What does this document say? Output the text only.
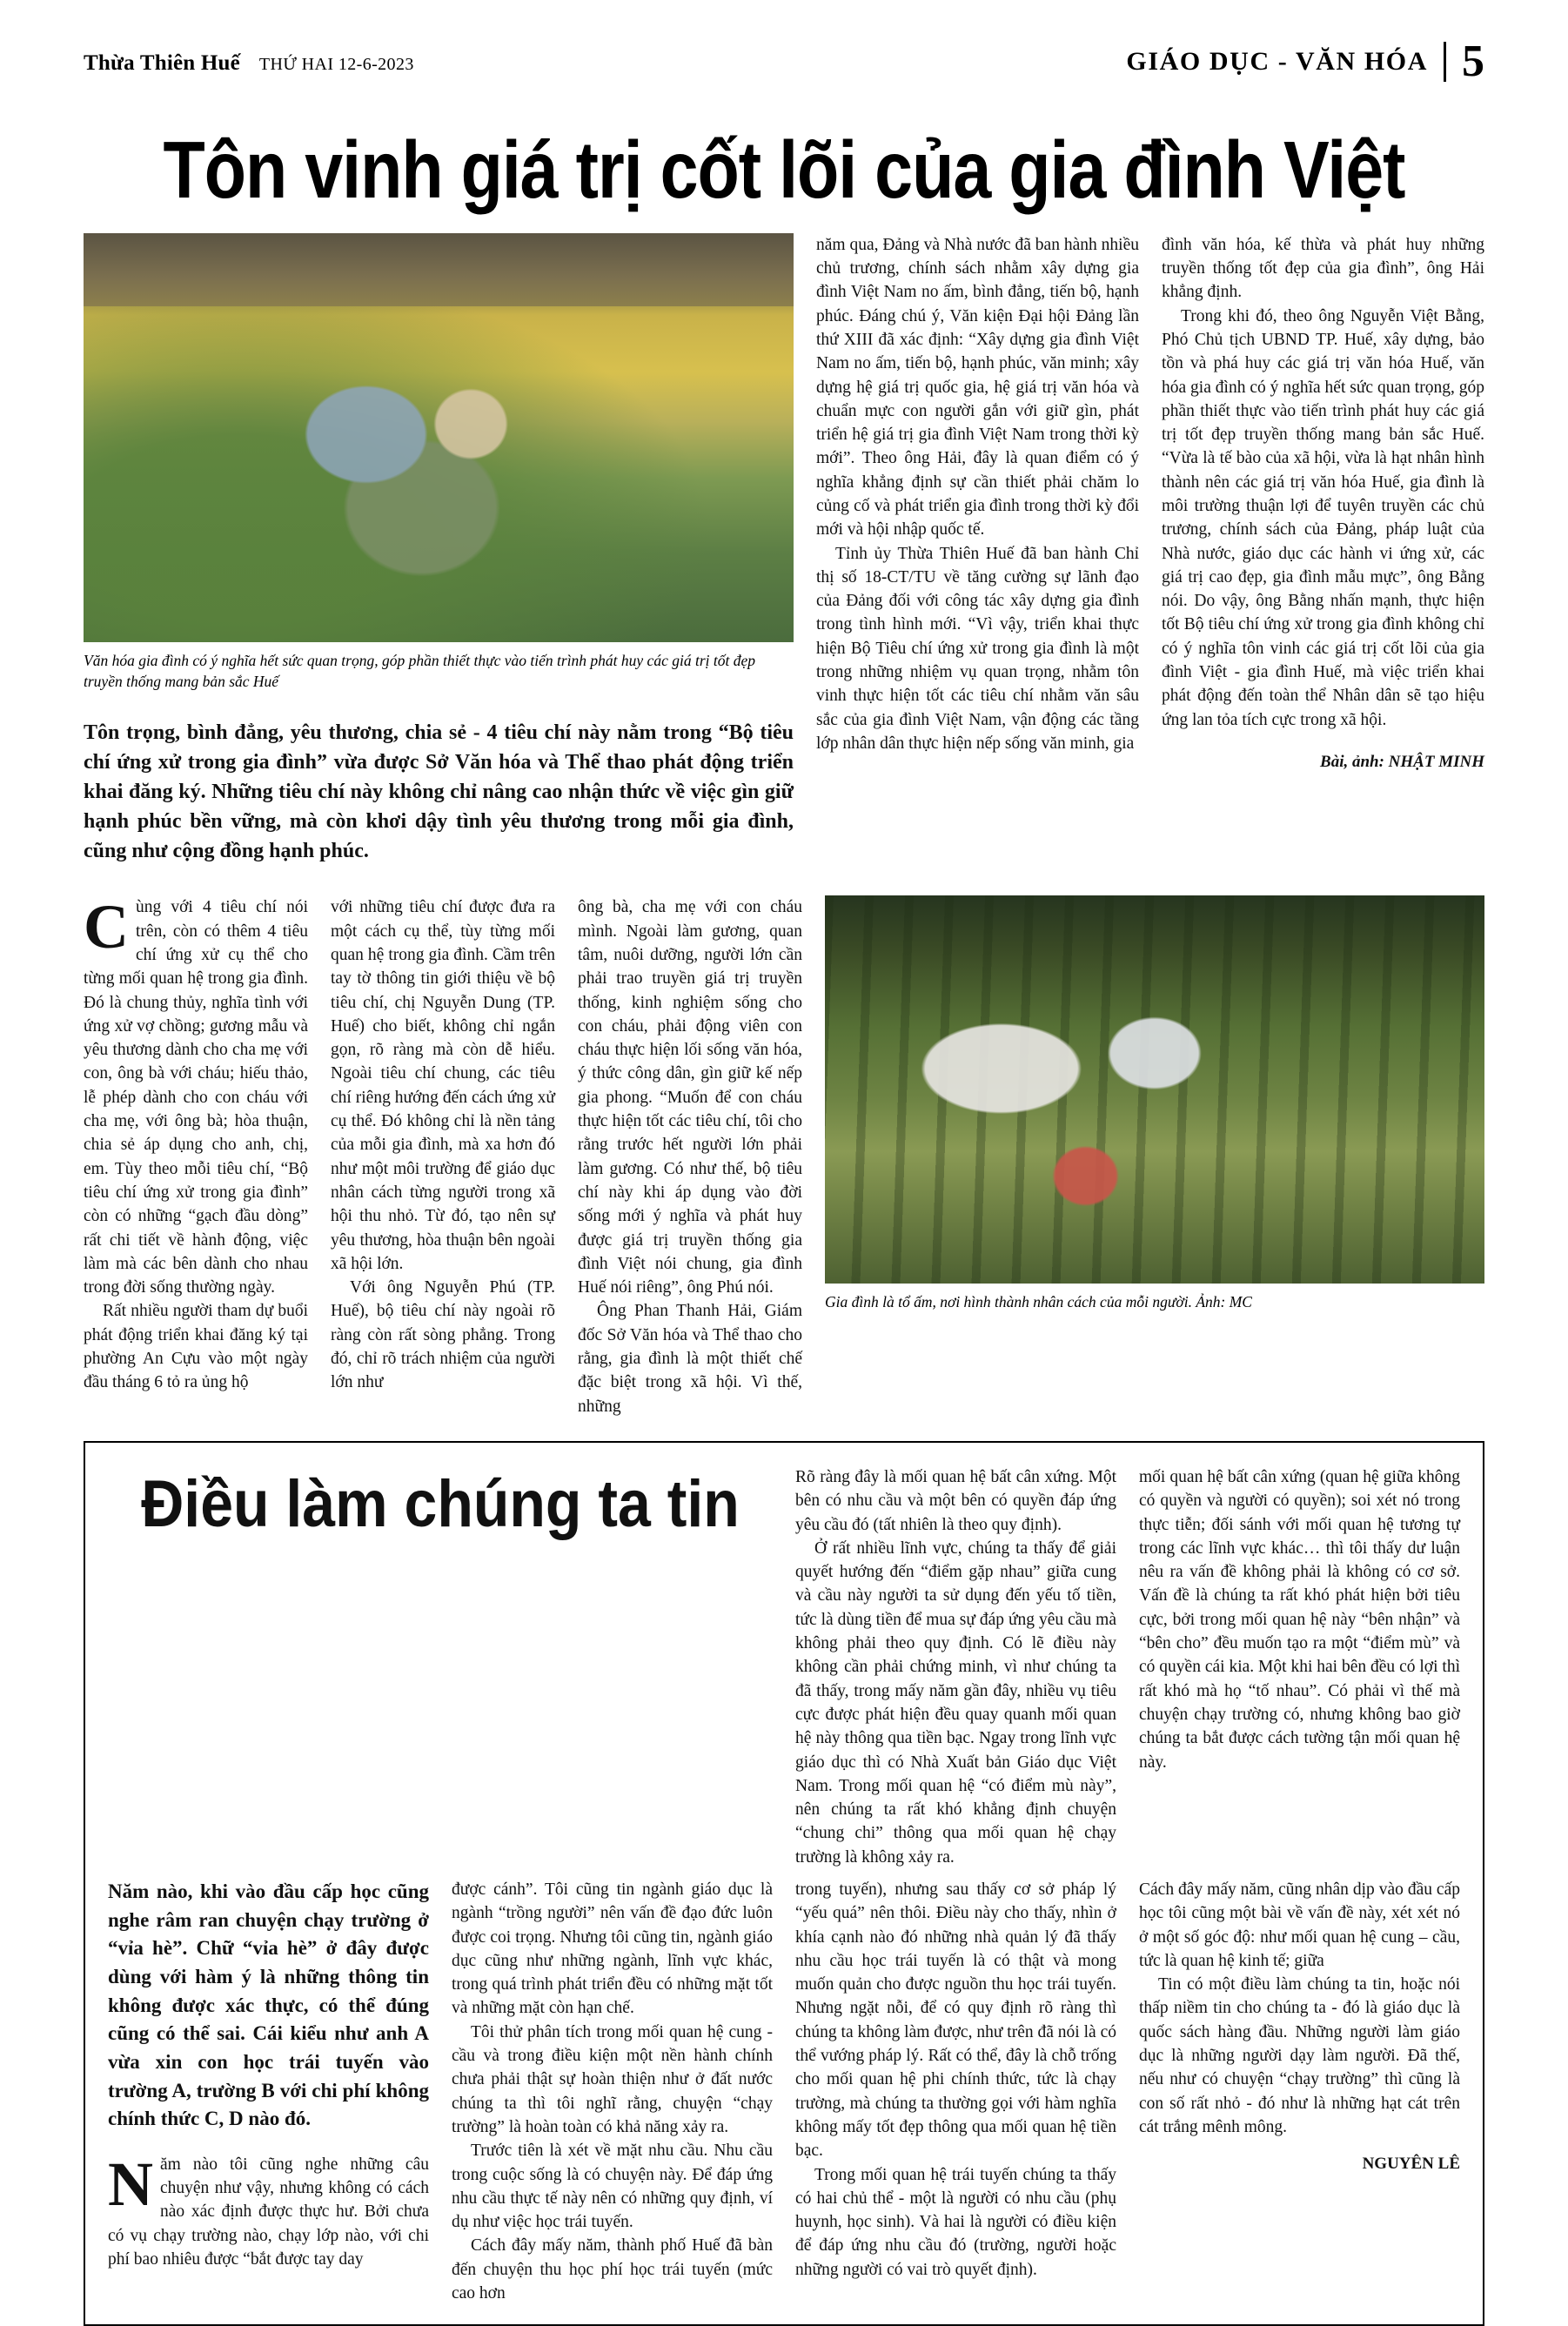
Thừa Thiên Huế THỨ HAI 12-6-2023	GIÁO DỤC - VĂN HÓA 5
Tôn vinh giá trị cốt lõi của gia đình Việt
Văn hóa gia đình có ý nghĩa hết sức quan trọng, góp phần thiết thực vào tiến trình phát huy các giá trị tốt đẹp truyền thống mang bản sắc Huế
Tôn trọng, bình đẳng, yêu thương, chia sẻ - 4 tiêu chí này nằm trong “Bộ tiêu chí ứng xử trong gia đình” vừa được Sở Văn hóa và Thể thao phát động triển khai đăng ký. Những tiêu chí này không chỉ nâng cao nhận thức về việc gìn giữ hạnh phúc bền vững, mà còn khơi dậy tình yêu thương trong mỗi gia đình, cũng như cộng đồng hạnh phúc.

năm qua, Đảng và Nhà nước đã ban hành nhiều chủ trương, chính sách nhằm xây dựng gia đình Việt Nam no ấm, bình đẳng, tiến bộ, hạnh phúc. Đáng chú ý, Văn kiện Đại hội Đảng lần thứ XIII đã xác định: “Xây dựng gia đình Việt Nam no ấm, tiến bộ, hạnh phúc, văn minh; xây dựng hệ giá trị quốc gia, hệ giá trị văn hóa và chuẩn mực con người gắn với giữ gìn, phát triển hệ giá trị gia đình Việt Nam trong thời kỳ mới”. Theo ông Hải, đây là quan điểm có ý nghĩa khẳng định sự cần thiết phải chăm lo củng cố và phát triển gia đình trong thời kỳ đổi mới và hội nhập quốc tế.

Tỉnh ủy Thừa Thiên Huế đã ban hành Chỉ thị số 18-CT/TU về tăng cường sự lãnh đạo của Đảng đối với công tác xây dựng gia đình trong tình hình mới. “Vì vậy, triển khai thực hiện Bộ Tiêu chí ứng xử trong gia đình là một trong những nhiệm vụ quan trọng, nhằm tôn vinh thực hiện tốt các tiêu chí nhằm văn sâu sắc của gia đình Việt Nam, vận động các tầng lớp nhân dân thực hiện nếp sống văn minh, gia

đình văn hóa, kế thừa và phát huy những truyền thống tốt đẹp của gia đình”, ông Hải khẳng định.

Trong khi đó, theo ông Nguyễn Việt Bằng, Phó Chủ tịch UBND TP. Huế, xây dựng, bảo tồn và phá huy các giá trị văn hóa Huế, văn hóa gia đình có ý nghĩa hết sức quan trọng, góp phần thiết thực vào tiến trình phát huy các giá trị tốt đẹp truyền thống mang bản sắc Huế. “Vừa là tế bào của xã hội, vừa là hạt nhân hình thành nên các giá trị văn hóa Huế, gia đình là môi trường thuận lợi để tuyên truyền các chủ trương, chính sách của Đảng, pháp luật của Nhà nước, giáo dục các hành vi ứng xử, các giá trị cao đẹp, gia đình mẫu mực”, ông Bằng nói. Do vậy, ông Bằng nhấn mạnh, thực hiện tốt Bộ tiêu chí ứng xử trong gia đình không chỉ có ý nghĩa tôn vinh các giá trị cốt lõi của gia đình Việt - gia đình Huế, mà việc triển khai phát động đến toàn thể Nhân dân sẽ tạo hiệu ứng lan tỏa tích cực trong xã hội.

Bài, ảnh: NHẬT MINH

Cùng với 4 tiêu chí nói trên, còn có thêm 4 tiêu chí ứng xử cụ thể cho từng mối quan hệ trong gia đình. Đó là chung thủy, nghĩa tình với ứng xử vợ chồng; gương mẫu và yêu thương dành cho cha mẹ với con, ông bà với cháu; hiếu thảo, lễ phép dành cho con cháu với cha mẹ, với ông bà; hòa thuận, chia sẻ áp dụng cho anh, chị, em. Tùy theo mỗi tiêu chí, “Bộ tiêu chí ứng xử trong gia đình” còn có những “gạch đầu dòng” rất chi tiết về hành động, việc làm mà các bên dành cho nhau trong đời sống thường ngày.

Rất nhiều người tham dự buổi phát động triển khai đăng ký tại phường An Cựu vào một ngày đầu tháng 6 tỏ ra ủng hộ

với những tiêu chí được đưa ra một cách cụ thể, tùy từng mối quan hệ trong gia đình. Cầm trên tay tờ thông tin giới thiệu về bộ tiêu chí, chị Nguyễn Dung (TP. Huế) cho biết, không chỉ ngắn gọn, rõ ràng mà còn dễ hiểu. Ngoài tiêu chí chung, các tiêu chí riêng hướng đến cách ứng xử cụ thể. Đó không chỉ là nền tảng của mỗi gia đình, mà xa hơn đó như một môi trường để giáo dục nhân cách từng người trong xã hội thu nhỏ. Từ đó, tạo nên sự yêu thương, hòa thuận bên ngoài xã hội lớn.

Với ông Nguyễn Phú (TP. Huế), bộ tiêu chí này ngoài rõ ràng còn rất sòng phẳng. Trong đó, chỉ rõ trách nhiệm của người lớn như

ông bà, cha mẹ với con cháu mình. Ngoài làm gương, quan tâm, nuôi dưỡng, người lớn cần phải trao truyền giá trị truyền thống, kinh nghiệm sống cho con cháu, phải động viên con cháu thực hiện lối sống văn hóa, ý thức công dân, gìn giữ kế nếp gia phong. “Muốn để con cháu thực hiện tốt các tiêu chí, tôi cho rằng trước hết người lớn phải làm gương. Có như thế, bộ tiêu chí này khi áp dụng vào đời sống mới ý nghĩa và phát huy được giá trị truyền thống gia đình Việt nói chung, gia đình Huế nói riêng”, ông Phú nói.

Ông Phan Thanh Hải, Giám đốc Sở Văn hóa và Thể thao cho rằng, gia đình là một thiết chế đặc biệt trong xã hội. Vì thế, những

Gia đình là tổ ấm, nơi hình thành nhân cách của mỗi người. Ảnh: MC
Điều làm chúng ta tin	Rõ ràng đây là mối quan hệ bất cân xứng. Một bên có nhu cầu và một bên có quyền đáp ứng yêu cầu đó (tất nhiên là theo quy định).

Ở rất nhiều lĩnh vực, chúng ta thấy để giải quyết hướng đến “điểm gặp nhau” giữa cung và cầu này người ta sử dụng đến yếu tố tiền, tức là dùng tiền để mua sự đáp ứng yêu cầu mà không phải theo quy định. Có lẽ điều này không cần phải chứng minh, vì như chúng ta đã thấy, trong mấy năm gần đây, nhiều vụ tiêu cực được phát hiện đều quay quanh mối quan hệ này thông qua tiền bạc. Ngay trong lĩnh vực giáo dục thì có Nhà Xuất bản Giáo dục Việt Nam. Trong mối quan hệ “có điểm mù này”, nên chúng ta rất khó khẳng định chuyện “chung chi” thông qua mối quan hệ chạy trường là không xảy ra.

mối quan hệ bất cân xứng (quan hệ giữa không có quyền và người có quyền); soi xét nó trong thực tiễn; đối sánh với mối quan hệ tương tự trong các lĩnh vực khác… thì tôi thấy dư luận nêu ra vấn đề không phải là không có cơ sở. Vấn đề là chúng ta rất khó phát hiện bởi tiêu cực, bởi trong mối quan hệ này “bên nhận” và “bên cho” đều muốn tạo ra một “điểm mù” và có quyền cái kia. Một khi hai bên đều có lợi thì rất khó mà họ “tố nhau”. Có phải vì thế mà chuyện chạy trường có, nhưng không bao giờ chúng ta bắt được cách tường tận mối quan hệ này.

Năm nào, khi vào đầu cấp học cũng nghe râm ran chuyện chạy trường ở “vỉa hè”. Chữ “vỉa hè” ở đây được dùng với hàm ý là những thông tin không được xác thực, có thể đúng cũng có thể sai. Cái kiểu như anh A vừa xin con học trái tuyến vào trường A, trường B với chi phí không chính thức C, D nào đó.

Năm nào tôi cũng nghe những câu chuyện như vậy, nhưng không có cách nào xác định được thực hư. Bởi chưa có vụ chạy trường nào, chạy lớp nào, với chi phí bao nhiêu được “bắt được tay day

được cánh”. Tôi cũng tin ngành giáo dục là ngành “trồng người” nên vấn đề đạo đức luôn được coi trọng. Nhưng tôi cũng tin, ngành giáo dục cũng như những ngành, lĩnh vực khác, trong quá trình phát triển đều có những mặt tốt và những mặt còn hạn chế.

Tôi thử phân tích trong mối quan hệ cung - cầu và trong điều kiện một nền hành chính chưa phải thật sự hoàn thiện như ở đất nước chúng ta thì tôi nghĩ rằng, chuyện “chạy trường” là hoàn toàn có khả năng xảy ra.

Trước tiên là xét về mặt nhu cầu. Nhu cầu trong cuộc sống là có chuyện này. Để đáp ứng nhu cầu thực tế này nên có những quy định, ví dụ như việc học trái tuyến.

Cách đây mấy năm, thành phố Huế đã bàn đến chuyện thu học phí học trái tuyến (mức cao hơn

trong tuyến), nhưng sau thấy cơ sở pháp lý “yếu quá” nên thôi. Điều này cho thấy, nhìn ở khía cạnh nào đó những nhà quản lý đã thấy nhu cầu học trái tuyến là có thật và mong muốn quản cho được nguồn thu học trái tuyến. Nhưng ngặt nỗi, để có quy định rõ ràng thì chúng ta không làm được, như trên đã nói là có thể vướng pháp lý. Rất có thể, đây là chỗ trống cho mối quan hệ phi chính thức, tức là chạy trường, mà chúng ta thường gọi với hàm nghĩa không mấy tốt đẹp thông qua mối quan hệ tiền bạc.

Trong mối quan hệ trái tuyến chúng ta thấy có hai chủ thể - một là người có nhu cầu (phụ huynh, học sinh). Và hai là người có điều kiện để đáp ứng nhu cầu đó (trường, người hoặc những người có vai trò quyết định).

Cách đây mấy năm, cũng nhân dịp vào đầu cấp học tôi cũng một bài về vấn đề này, xét xét nó ở một số góc độ: như mối quan hệ cung – cầu, tức là quan hệ kinh tế; giữa

Tin có một điều làm chúng ta tin, hoặc nói thấp niềm tin cho chúng ta - đó là giáo dục là quốc sách hàng đầu. Những người làm giáo dục là những người dạy làm người. Đã thế, nếu như có chuyện “chạy trường” thì cũng là con số rất nhỏ - đó như là những hạt cát trên cát trắng mênh mông.

NGUYÊN LÊ
